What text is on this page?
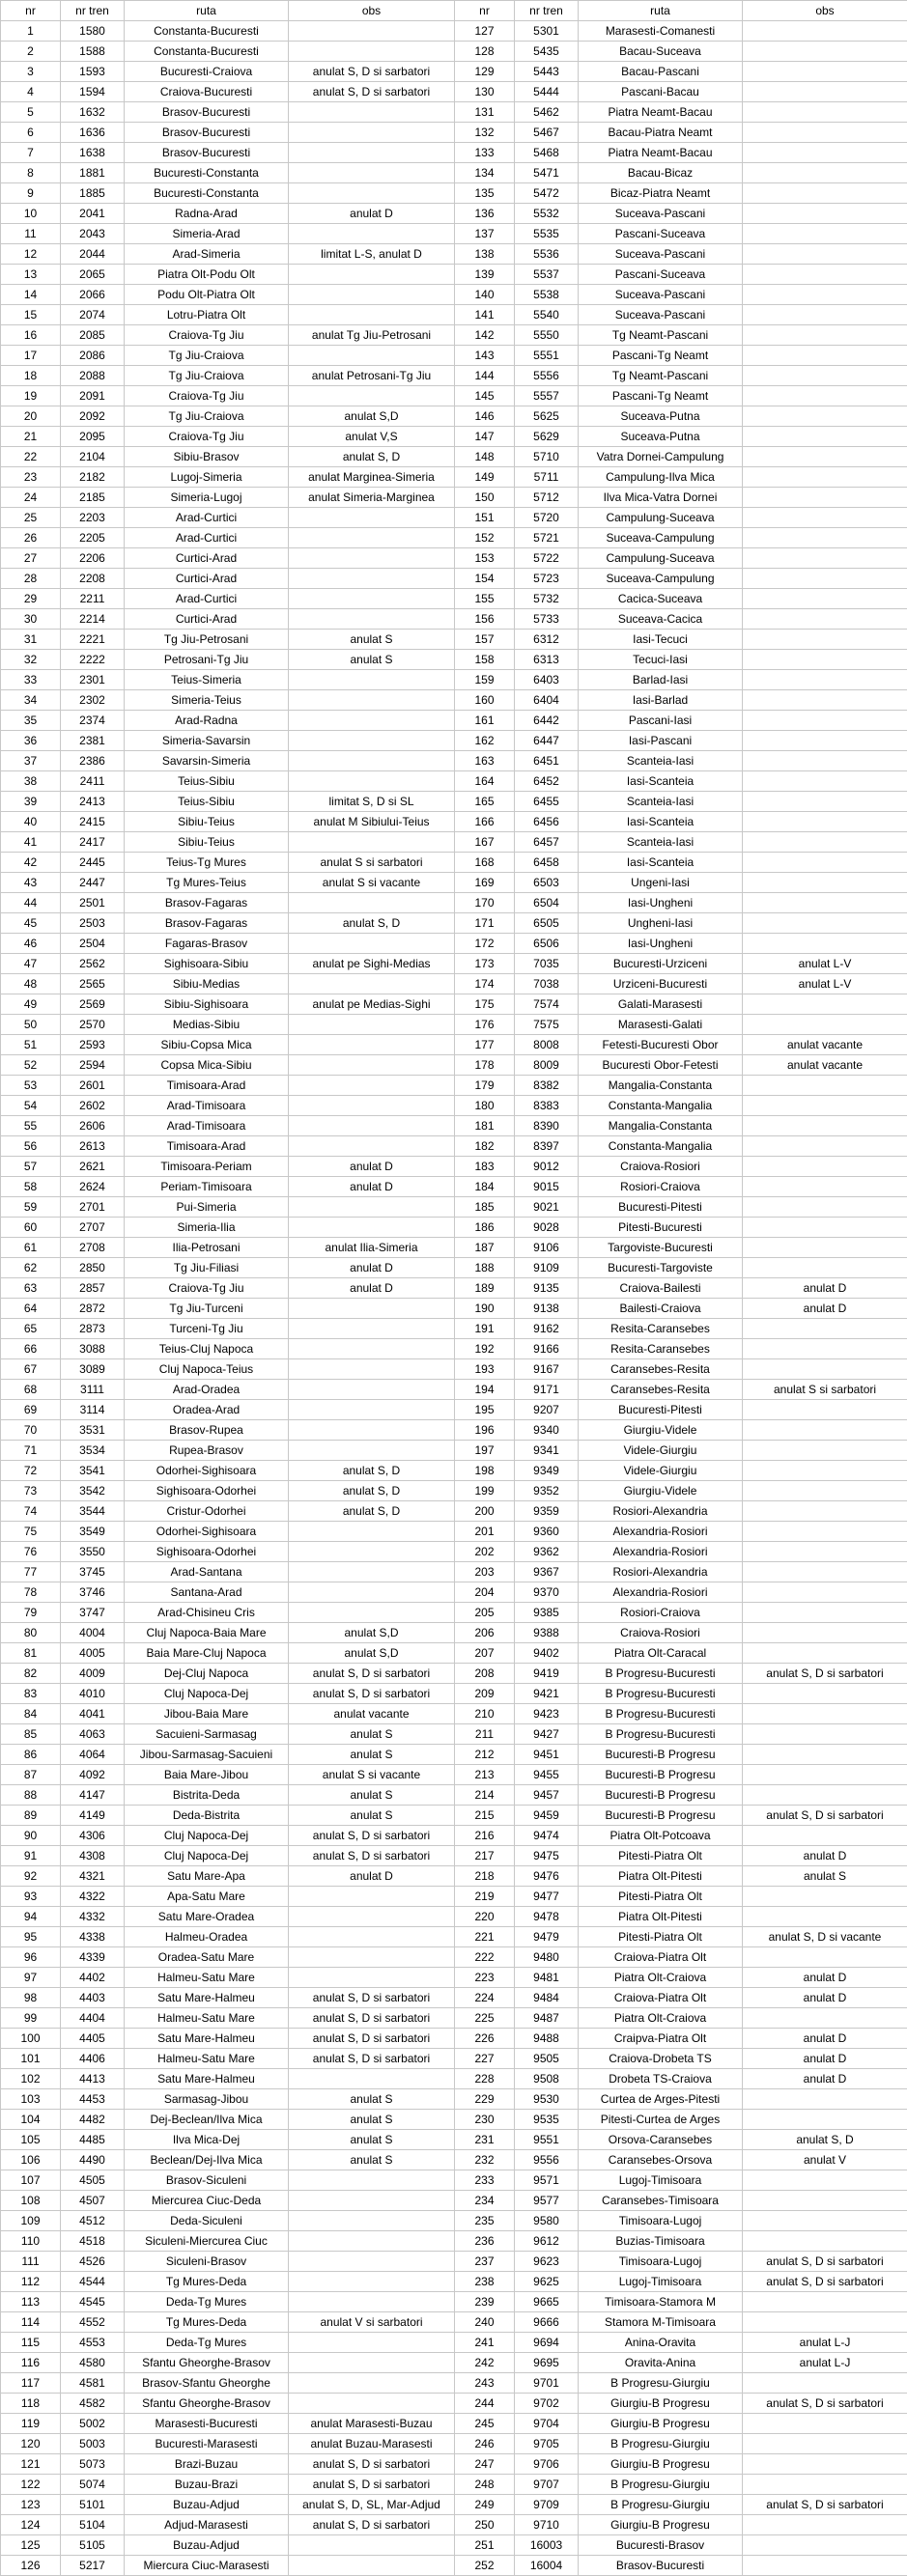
nr	nr tren	ruta	obs	nr	nr tren	ruta	obs
1	1580	Constanta-Bucuresti		127	5301	Marasesti-Comanesti	
2	1588	Constanta-Bucuresti		128	5435	Bacau-Suceava	
3	1593	Bucuresti-Craiova	anulat S, D si sarbatori	129	5443	Bacau-Pascani	
4	1594	Craiova-Bucuresti	anulat S, D si sarbatori	130	5444	Pascani-Bacau	
5	1632	Brasov-Bucuresti		131	5462	Piatra Neamt-Bacau	
6	1636	Brasov-Bucuresti		132	5467	Bacau-Piatra Neamt	
7	1638	Brasov-Bucuresti		133	5468	Piatra Neamt-Bacau	
8	1881	Bucuresti-Constanta		134	5471	Bacau-Bicaz	
9	1885	Bucuresti-Constanta		135	5472	Bicaz-Piatra Neamt	
10	2041	Radna-Arad	anulat D	136	5532	Suceava-Pascani	
11	2043	Simeria-Arad		137	5535	Pascani-Suceava	
12	2044	Arad-Simeria	limitat L-S, anulat D	138	5536	Suceava-Pascani	
13	2065	Piatra Olt-Podu Olt		139	5537	Pascani-Suceava	
14	2066	Podu Olt-Piatra Olt		140	5538	Suceava-Pascani	
15	2074	Lotru-Piatra Olt		141	5540	Suceava-Pascani	
16	2085	Craiova-Tg Jiu	anulat Tg Jiu-Petrosani	142	5550	Tg Neamt-Pascani	
17	2086	Tg Jiu-Craiova		143	5551	Pascani-Tg Neamt	
18	2088	Tg Jiu-Craiova	anulat Petrosani-Tg Jiu	144	5556	Tg Neamt-Pascani	
19	2091	Craiova-Tg Jiu		145	5557	Pascani-Tg Neamt	
20	2092	Tg Jiu-Craiova	anulat S,D	146	5625	Suceava-Putna	
21	2095	Craiova-Tg Jiu	anulat V,S	147	5629	Suceava-Putna	
22	2104	Sibiu-Brasov	anulat S, D	148	5710	Vatra Dornei-Campulung	
23	2182	Lugoj-Simeria	anulat Marginea-Simeria	149	5711	Campulung-Ilva Mica	
24	2185	Simeria-Lugoj	anulat Simeria-Marginea	150	5712	Ilva Mica-Vatra Dornei	
25	2203	Arad-Curtici		151	5720	Campulung-Suceava	
26	2205	Arad-Curtici		152	5721	Suceava-Campulung	
27	2206	Curtici-Arad		153	5722	Campulung-Suceava	
28	2208	Curtici-Arad		154	5723	Suceava-Campulung	
29	2211	Arad-Curtici		155	5732	Cacica-Suceava	
30	2214	Curtici-Arad		156	5733	Suceava-Cacica	
31	2221	Tg Jiu-Petrosani	anulat S	157	6312	Iasi-Tecuci	
32	2222	Petrosani-Tg Jiu	anulat S	158	6313	Tecuci-Iasi	
33	2301	Teius-Simeria		159	6403	Barlad-Iasi	
34	2302	Simeria-Teius		160	6404	Iasi-Barlad	
35	2374	Arad-Radna		161	6442	Pascani-Iasi	
36	2381	Simeria-Savarsin		162	6447	Iasi-Pascani	
37	2386	Savarsin-Simeria		163	6451	Scanteia-Iasi	
38	2411	Teius-Sibiu		164	6452	Iasi-Scanteia	
39	2413	Teius-Sibiu	limitat S, D si SL	165	6455	Scanteia-Iasi	
40	2415	Sibiu-Teius	anulat M Sibiului-Teius	166	6456	Iasi-Scanteia	
41	2417	Sibiu-Teius		167	6457	Scanteia-Iasi	
42	2445	Teius-Tg Mures	anulat S si sarbatori	168	6458	Iasi-Scanteia	
43	2447	Tg Mures-Teius	anulat S si vacante	169	6503	Ungeni-Iasi	
44	2501	Brasov-Fagaras		170	6504	Iasi-Ungheni	
45	2503	Brasov-Fagaras	anulat S, D	171	6505	Ungheni-Iasi	
46	2504	Fagaras-Brasov		172	6506	Iasi-Ungheni	
47	2562	Sighisoara-Sibiu	anulat pe Sighi-Medias	173	7035	Bucuresti-Urziceni	anulat L-V
48	2565	Sibiu-Medias		174	7038	Urziceni-Bucuresti	anulat L-V
49	2569	Sibiu-Sighisoara	anulat pe Medias-Sighi	175	7574	Galati-Marasesti	
50	2570	Medias-Sibiu		176	7575	Marasesti-Galati	
51	2593	Sibiu-Copsa Mica		177	8008	Fetesti-Bucuresti Obor	anulat vacante
52	2594	Copsa Mica-Sibiu		178	8009	Bucuresti Obor-Fetesti	anulat vacante
53	2601	Timisoara-Arad		179	8382	Mangalia-Constanta	
54	2602	Arad-Timisoara		180	8383	Constanta-Mangalia	
55	2606	Arad-Timisoara		181	8390	Mangalia-Constanta	
56	2613	Timisoara-Arad		182	8397	Constanta-Mangalia	
57	2621	Timisoara-Periam	anulat D	183	9012	Craiova-Rosiori	
58	2624	Periam-Timisoara	anulat D	184	9015	Rosiori-Craiova	
59	2701	Pui-Simeria		185	9021	Bucuresti-Pitesti	
60	2707	Simeria-Ilia		186	9028	Pitesti-Bucuresti	
61	2708	Ilia-Petrosani	anulat Ilia-Simeria	187	9106	Targoviste-Bucuresti	
62	2850	Tg Jiu-Filiasi	anulat D	188	9109	Bucuresti-Targoviste	
63	2857	Craiova-Tg Jiu	anulat D	189	9135	Craiova-Bailesti	anulat D
64	2872	Tg Jiu-Turceni		190	9138	Bailesti-Craiova	anulat D
65	2873	Turceni-Tg Jiu		191	9162	Resita-Caransebes	
66	3088	Teius-Cluj Napoca		192	9166	Resita-Caransebes	
67	3089	Cluj Napoca-Teius		193	9167	Caransebes-Resita	
68	3111	Arad-Oradea		194	9171	Caransebes-Resita	anulat S si sarbatori
69	3114	Oradea-Arad		195	9207	Bucuresti-Pitesti	
70	3531	Brasov-Rupea		196	9340	Giurgiu-Videle	
71	3534	Rupea-Brasov		197	9341	Videle-Giurgiu	
72	3541	Odorhei-Sighisoara	anulat S, D	198	9349	Videle-Giurgiu	
73	3542	Sighisoara-Odorhei	anulat S, D	199	9352	Giurgiu-Videle	
74	3544	Cristur-Odorhei	anulat S, D	200	9359	Rosiori-Alexandria	
75	3549	Odorhei-Sighisoara		201	9360	Alexandria-Rosiori	
76	3550	Sighisoara-Odorhei		202	9362	Alexandria-Rosiori	
77	3745	Arad-Santana		203	9367	Rosiori-Alexandria	
78	3746	Santana-Arad		204	9370	Alexandria-Rosiori	
79	3747	Arad-Chisineu Cris		205	9385	Rosiori-Craiova	
80	4004	Cluj Napoca-Baia Mare	anulat S,D	206	9388	Craiova-Rosiori	
81	4005	Baia Mare-Cluj Napoca	anulat S,D	207	9402	Piatra Olt-Caracal	
82	4009	Dej-Cluj Napoca	anulat S, D si sarbatori	208	9419	B Progresu-Bucuresti	anulat S, D si sarbatori
83	4010	Cluj Napoca-Dej	anulat S, D si sarbatori	209	9421	B Progresu-Bucuresti	
84	4041	Jibou-Baia Mare	anulat vacante	210	9423	B Progresu-Bucuresti	
85	4063	Sacuieni-Sarmasag	anulat S	211	9427	B Progresu-Bucuresti	
86	4064	Jibou-Sarmasag-Sacuieni	anulat S	212	9451	Bucuresti-B Progresu	
87	4092	Baia Mare-Jibou	anulat S si vacante	213	9455	Bucuresti-B Progresu	
88	4147	Bistrita-Deda	anulat S	214	9457	Bucuresti-B Progresu	
89	4149	Deda-Bistrita	anulat S	215	9459	Bucuresti-B Progresu	anulat S, D si sarbatori
90	4306	Cluj Napoca-Dej	anulat S, D si sarbatori	216	9474	Piatra Olt-Potcoava	
91	4308	Cluj Napoca-Dej	anulat S, D si sarbatori	217	9475	Pitesti-Piatra Olt	anulat D
92	4321	Satu Mare-Apa	anulat D	218	9476	Piatra Olt-Pitesti	anulat S
93	4322	Apa-Satu Mare		219	9477	Pitesti-Piatra Olt	
94	4332	Satu Mare-Oradea		220	9478	Piatra Olt-Pitesti	
95	4338	Halmeu-Oradea		221	9479	Pitesti-Piatra Olt	anulat S, D si vacante
96	4339	Oradea-Satu Mare		222	9480	Craiova-Piatra Olt	
97	4402	Halmeu-Satu Mare		223	9481	Piatra Olt-Craiova	anulat D
98	4403	Satu Mare-Halmeu	anulat S, D si sarbatori	224	9484	Craiova-Piatra Olt	anulat D
99	4404	Halmeu-Satu Mare	anulat S, D si sarbatori	225	9487	Piatra Olt-Craiova	
100	4405	Satu Mare-Halmeu	anulat S, D si sarbatori	226	9488	Craipva-Piatra Olt	anulat D
101	4406	Halmeu-Satu Mare	anulat S, D si sarbatori	227	9505	Craiova-Drobeta TS	anulat D
102	4413	Satu Mare-Halmeu		228	9508	Drobeta TS-Craiova	anulat D
103	4453	Sarmasag-Jibou	anulat S	229	9530	Curtea de Arges-Pitesti	
104	4482	Dej-Beclean/Ilva Mica	anulat S	230	9535	Pitesti-Curtea de Arges	
105	4485	Ilva Mica-Dej	anulat S	231	9551	Orsova-Caransebes	anulat S, D
106	4490	Beclean/Dej-Ilva Mica	anulat S	232	9556	Caransebes-Orsova	anulat V
107	4505	Brasov-Siculeni		233	9571	Lugoj-Timisoara	
108	4507	Miercurea Ciuc-Deda		234	9577	Caransebes-Timisoara	
109	4512	Deda-Siculeni		235	9580	Timisoara-Lugoj	
110	4518	Siculeni-Miercurea Ciuc		236	9612	Buzias-Timisoara	
111	4526	Siculeni-Brasov		237	9623	Timisoara-Lugoj	anulat S, D si sarbatori
112	4544	Tg Mures-Deda		238	9625	Lugoj-Timisoara	anulat S, D si sarbatori
113	4545	Deda-Tg Mures		239	9665	Timisoara-Stamora M	
114	4552	Tg Mures-Deda	anulat V si sarbatori	240	9666	Stamora M-Timisoara	
115	4553	Deda-Tg Mures		241	9694	Anina-Oravita	anulat L-J
116	4580	Sfantu Gheorghe-Brasov		242	9695	Oravita-Anina	anulat L-J
117	4581	Brasov-Sfantu Gheorghe		243	9701	B Progresu-Giurgiu	
118	4582	Sfantu Gheorghe-Brasov		244	9702	Giurgiu-B Progresu	anulat S, D si sarbatori
119	5002	Marasesti-Bucuresti	anulat Marasesti-Buzau	245	9704	Giurgiu-B Progresu	
120	5003	Bucuresti-Marasesti	anulat Buzau-Marasesti	246	9705	B Progresu-Giurgiu	
121	5073	Brazi-Buzau	anulat S, D si sarbatori	247	9706	Giurgiu-B Progresu	
122	5074	Buzau-Brazi	anulat S, D si sarbatori	248	9707	B Progresu-Giurgiu	
123	5101	Buzau-Adjud	anulat S, D, SL, Mar-Adjud	249	9709	B Progresu-Giurgiu	anulat S, D si sarbatori
124	5104	Adjud-Marasesti	anulat S, D si sarbatori	250	9710	Giurgiu-B Progresu	
125	5105	Buzau-Adjud		251	16003	Bucuresti-Brasov	
126	5217	Miercura Ciuc-Marasesti		252	16004	Brasov-Bucuresti	
